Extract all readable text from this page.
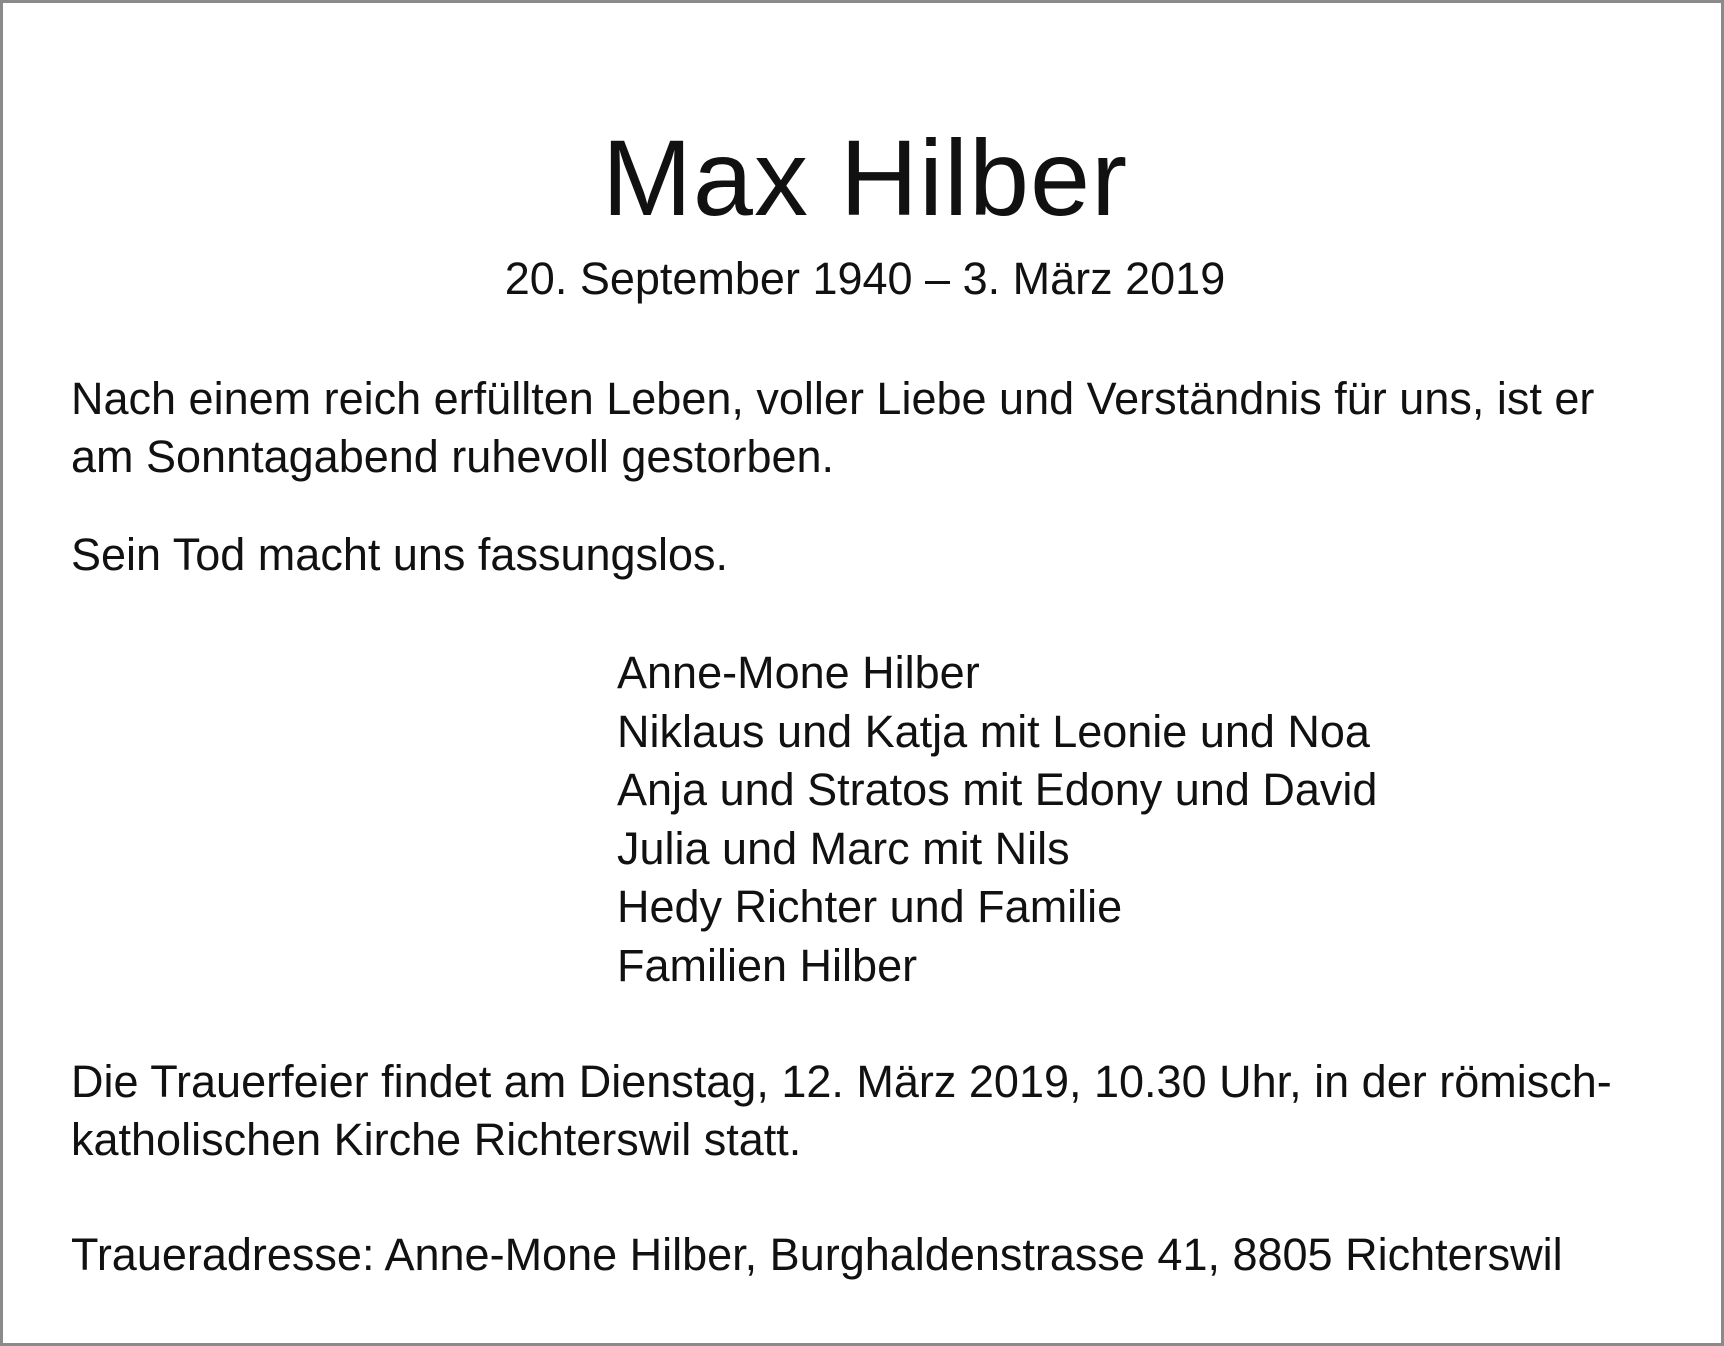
Max Hilber
20. September 1940 – 3. März 2019

Nach einem reich erfüllten Leben, voller Liebe und Verständnis für uns, ist er
am Sonntagabend ruhevoll gestorben.

Sein Tod macht uns fassungslos.

Anne-Mone Hilber
Niklaus und Katja mit Leonie und Noa
Anja und Stratos mit Edony und David
Julia und Marc mit Nils
Hedy Richter und Familie
Familien Hilber

Die Trauerfeier findet am Dienstag, 12. März 2019, 10.30 Uhr, in der römisch-
katholischen Kirche Richterswil statt.

Traueradresse: Anne-Mone Hilber, Burghaldenstrasse 41, 8805 Richterswil
